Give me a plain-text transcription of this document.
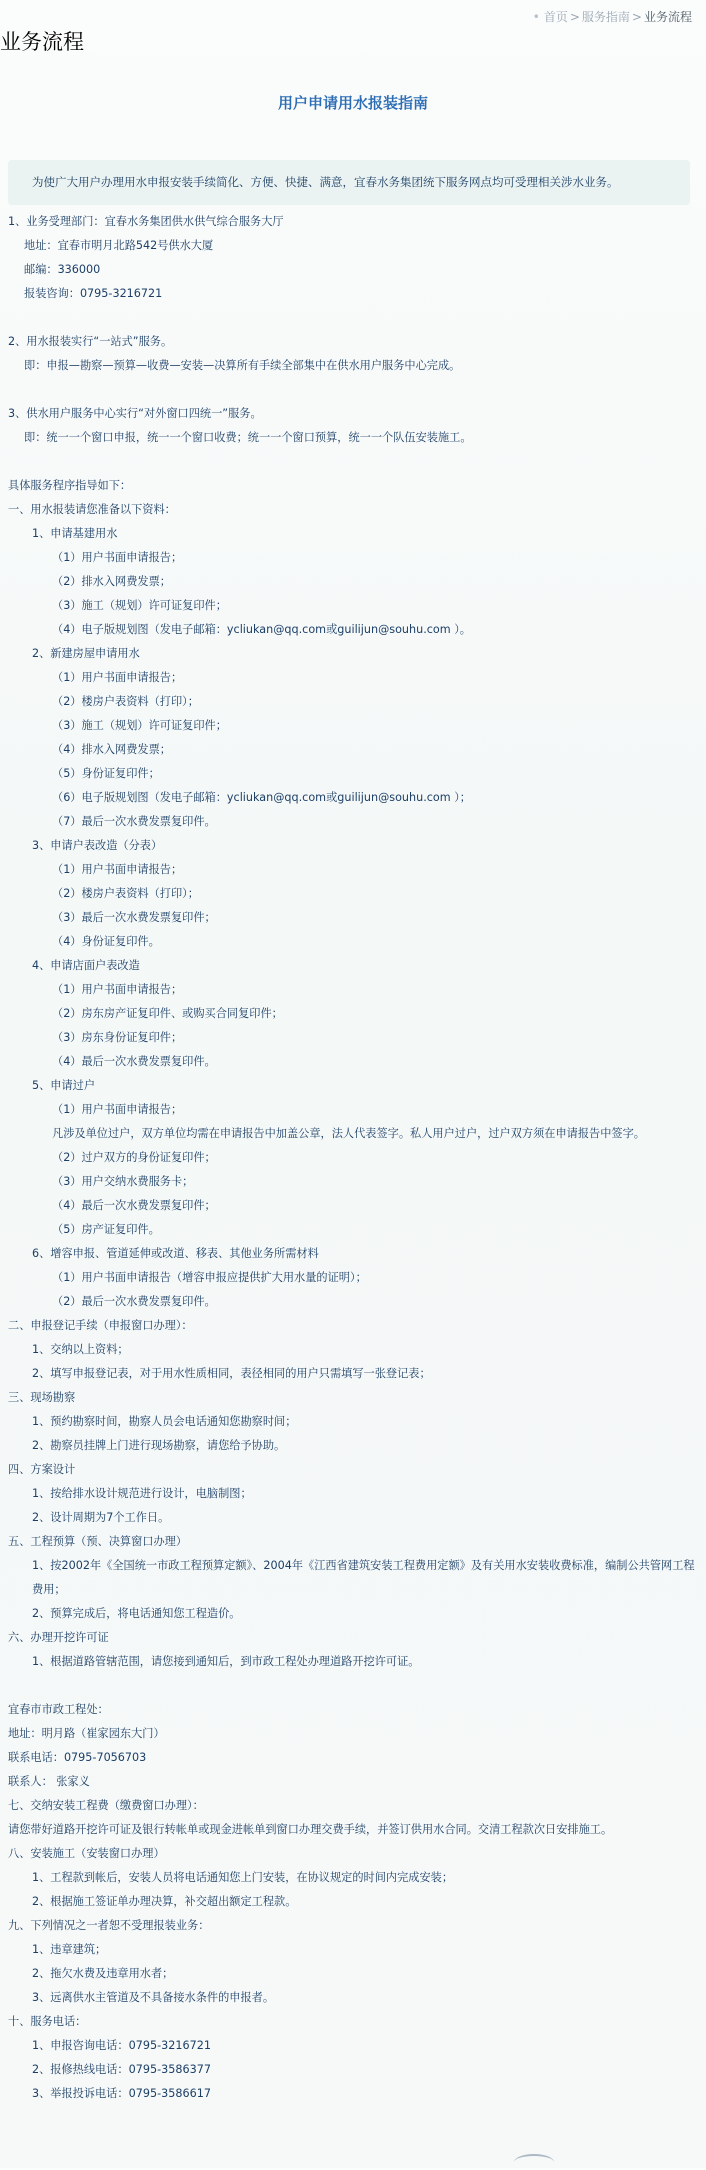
• 首页 > 服务指南 > 业务流程
业务流程
用户申请用水报装指南
为使广大用户办理用水申报安装手续简化、方便、快捷、满意，宜春水务集团统下服务网点均可受理相关涉水业务。
1、业务受理部门：宜春水务集团供水供气综合服务大厅
地址：宜春市明月北路542号供水大厦
邮编：336000
报装咨询：0795-3216721
2、用水报装实行“一站式”服务。
即：申报—勘察—预算—收费—安装—决算所有手续全部集中在供水用户服务中心完成。
3、供水用户服务中心实行“对外窗口四统一”服务。
即：统一一个窗口申报，统一一个窗口收费；统一一个窗口预算，统一一个队伍安装施工。
具体服务程序指导如下：
一、用水报装请您准备以下资料：
1、申请基建用水
（1）用户书面申请报告；
（2）排水入网费发票；
（3）施工（规划）许可证复印件；
（4）电子版规划图（发电子邮箱：ycliukan@qq.com或guilijun@souhu.com ）。
2、新建房屋申请用水
（1）用户书面申请报告；
（2）楼房户表资料（打印）；
（3）施工（规划）许可证复印件；
（4）排水入网费发票；
（5）身份证复印件；
（6）电子版规划图（发电子邮箱：ycliukan@qq.com或guilijun@souhu.com ）；
（7）最后一次水费发票复印件。
3、申请户表改造（分表）
（1）用户书面申请报告；
（2）楼房户表资料（打印）；
（3）最后一次水费发票复印件；
（4）身份证复印件。
4、申请店面户表改造
（1）用户书面申请报告；
（2）房东房产证复印件、或购买合同复印件；
（3）房东身份证复印件；
（4）最后一次水费发票复印件。
5、申请过户
（1）用户书面申请报告；
凡涉及单位过户，双方单位均需在申请报告中加盖公章，法人代表签字。私人用户过户，过户双方须在申请报告中签字。
（2）过户双方的身份证复印件；
（3）用户交纳水费服务卡；
（4）最后一次水费发票复印件；
（5）房产证复印件。
6、增容申报、管道延伸或改道、移表、其他业务所需材料
（1）用户书面申请报告（增容申报应提供扩大用水量的证明）；
（2）最后一次水费发票复印件。
二、申报登记手续（申报窗口办理）：
1、交纳以上资料；
2、填写申报登记表，对于用水性质相同，表径相同的用户只需填写一张登记表；
三、现场勘察
1、预约勘察时间，勘察人员会电话通知您勘察时间；
2、勘察员挂牌上门进行现场勘察，请您给予协助。
四、方案设计
1、按给排水设计规范进行设计，电脑制图；
2、设计周期为7个工作日。
五、工程预算（预、决算窗口办理）
1、按2002年《全国统一市政工程预算定额》、2004年《江西省建筑安装工程费用定额》及有关用水安装收费标准，编制公共管网工程费用；
2、预算完成后，将电话通知您工程造价。
六、办理开挖许可证
1、根据道路管辖范围，请您接到通知后，到市政工程处办理道路开挖许可证。
宜春市市政工程处：
地址：明月路（崔家园东大门）
联系电话：0795-7056703
联系人： 张家义
七、交纳安装工程费（缴费窗口办理）：
请您带好道路开挖许可证及银行转帐单或现金进帐单到窗口办理交费手续，并签订供用水合同。交清工程款次日安排施工。
八、安装施工（安装窗口办理）
1、工程款到帐后，安装人员将电话通知您上门安装，在协议规定的时间内完成安装；
2、根据施工签证单办理决算，补交超出额定工程款。
九、下列情况之一者恕不受理报装业务：
1、违章建筑；
2、拖欠水费及违章用水者；
3、远离供水主管道及不具备接水条件的申报者。
十、服务电话：
1、申报咨询电话：0795-3216721
2、报修热线电话：0795-3586377
3、举报投诉电话：0795-3586617
